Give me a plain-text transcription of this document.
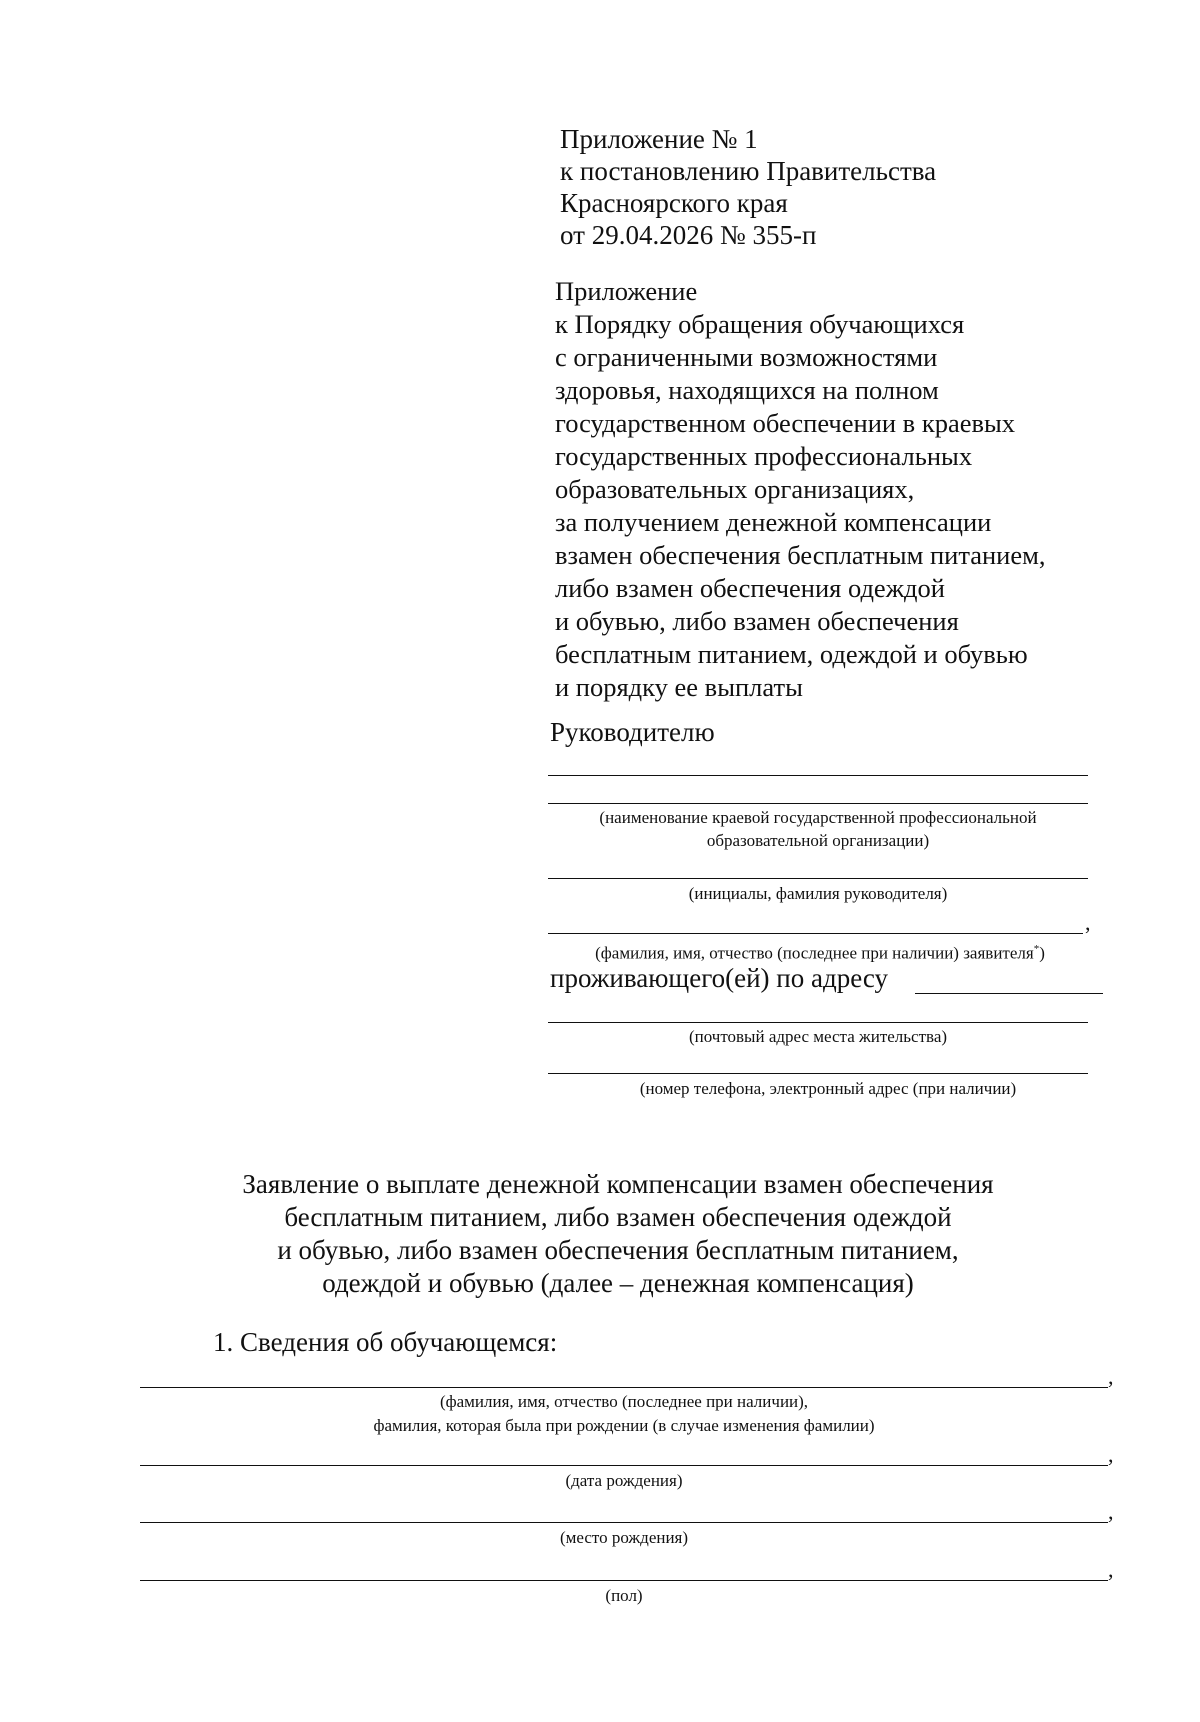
Приложение № 1
к постановлению Правительства
Красноярского края
от 29.04.2026 № 355-п
Приложение
к Порядку обращения обучающихся
с ограниченными возможностями
здоровья, находящихся на полном
государственном обеспечении в краевых
государственных профессиональных
образовательных организациях,
за получением денежной компенсации
взамен обеспечения бесплатным питанием,
либо взамен обеспечения одеждой
и обувью, либо взамен обеспечения
бесплатным питанием, одеждой и обувью
и порядку ее выплаты
Руководителю
(наименование краевой государственной профессиональной
образовательной организации)
(инициалы, фамилия руководителя)
,
(фамилия, имя, отчество (последнее при наличии) заявителя*)
проживающего(ей) по адресу
(почтовый адрес места жительства)
(номер телефона, электронный адрес (при наличии)
Заявление о выплате денежной компенсации взамен обеспечения
бесплатным питанием, либо взамен обеспечения одеждой
и обувью, либо взамен обеспечения бесплатным питанием,
одеждой и обувью (далее – денежная компенсация)
1. Сведения об обучающемся:
,
(фамилия, имя, отчество (последнее при наличии),
фамилия, которая была при рождении (в случае изменения фамилии)
,
(дата рождения)
,
(место рождения)
,
(пол)
